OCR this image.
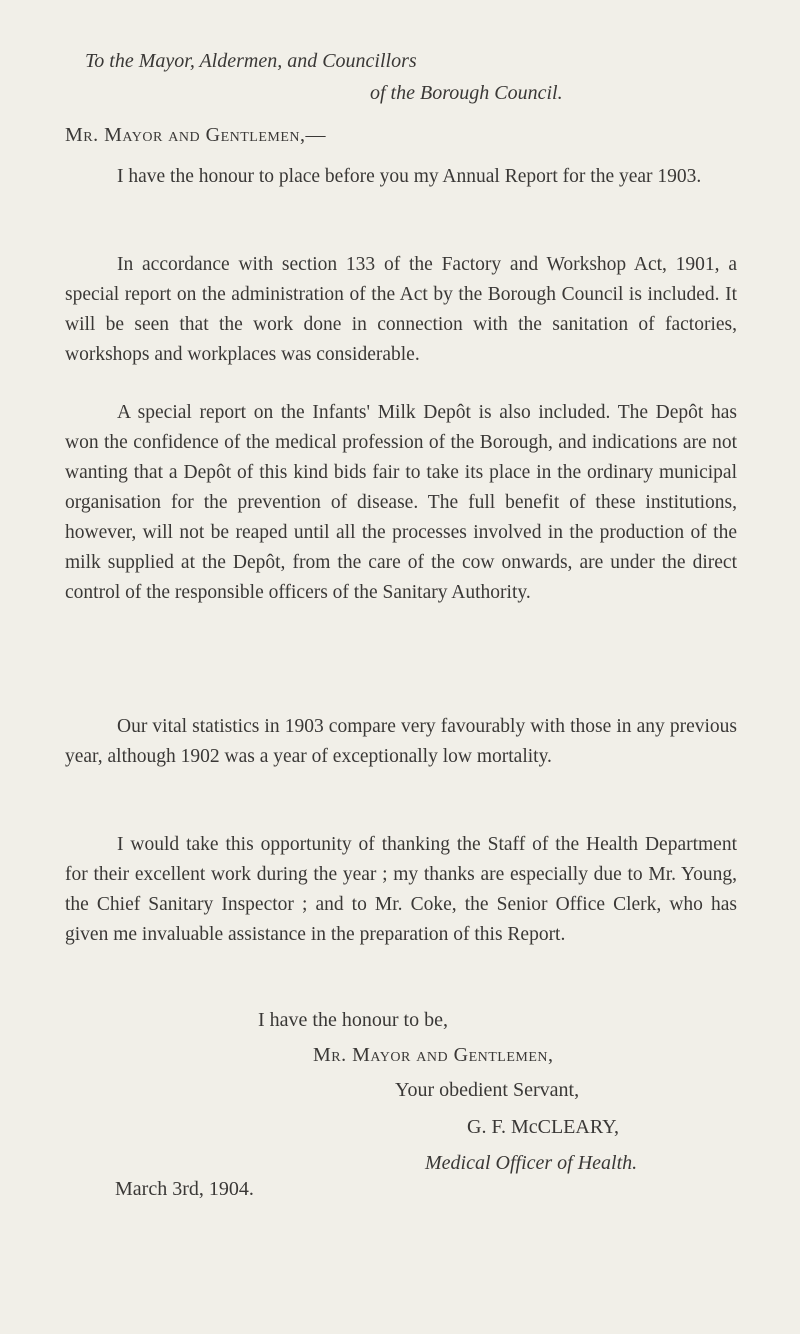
To the Mayor, Aldermen, and Councillors
of the Borough Council.
Mr. Mayor and Gentlemen,—

I have the honour to place before you my Annual Report for the year 1903.

In accordance with section 133 of the Factory and Workshop Act, 1901, a special report on the administration of the Act by the Borough Council is included. It will be seen that the work done in connection with the sanitation of factories, workshops and workplaces was considerable.

A special report on the Infants' Milk Depôt is also included. The Depôt has won the confidence of the medical profession of the Borough, and indications are not wanting that a Depôt of this kind bids fair to take its place in the ordinary municipal organisation for the prevention of disease. The full benefit of these institutions, however, will not be reaped until all the processes involved in the production of the milk supplied at the Depôt, from the care of the cow onwards, are under the direct control of the responsible officers of the Sanitary Authority.

Our vital statistics in 1903 compare very favourably with those in any previous year, although 1902 was a year of exceptionally low mortality.

I would take this opportunity of thanking the Staff of the Health Department for their excellent work during the year ; my thanks are especially due to Mr. Young, the Chief Sanitary Inspector ; and to Mr. Coke, the Senior Office Clerk, who has given me invaluable assistance in the preparation of this Report.

I have the honour to be,
Mr. Mayor and Gentlemen,
Your obedient Servant,
G. F. McCLEARY,
Medical Officer of Health.
March 3rd, 1904.
